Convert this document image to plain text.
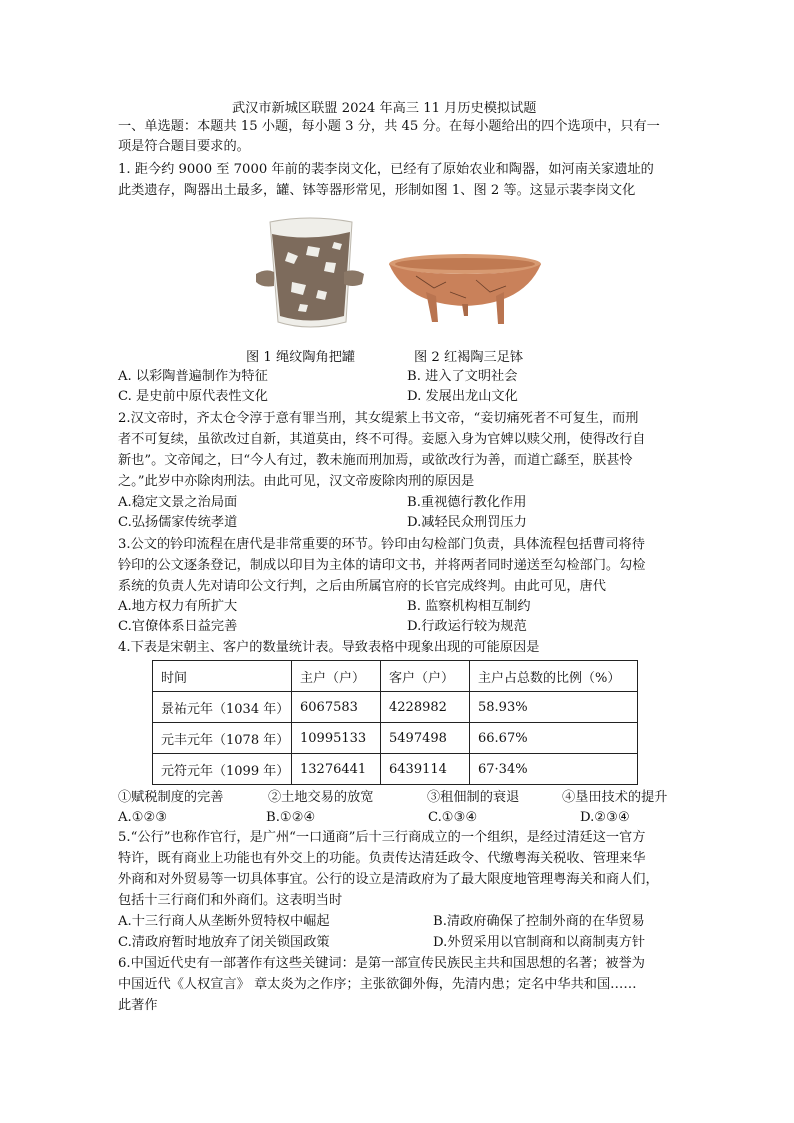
武汉市新城区联盟 2024 年高三 11 月历史模拟试题
一、单选题：本题共 15 小题，每小题 3 分，共 45 分。在每小题给出的四个选项中，只有一
项是符合题目要求的。
1. 距今约 9000 至 7000 年前的裴李岗文化，已经有了原始农业和陶器，如河南关家遗址的
此类遗存，陶器出土最多，罐、钵等器形常见，形制如图 1、图 2 等。这显示裴李岗文化
图 1 绳纹陶角把罐	图 2 红褐陶三足钵
A. 以彩陶普遍制作为特征	B. 进入了文明社会
C. 是史前中原代表性文化	D. 发展出龙山文化
2.汉文帝时，齐太仓令淳于意有罪当刑，其女缇萦上书文帝，“妾切痛死者不可复生，而刑
者不可复续，虽欲改过自新，其道莫由，终不可得。妾愿入身为官婢以赎父刑，使得改行自
新也”。文帝闻之，曰“今人有过，教未施而刑加焉，或欲改行为善，而道亡繇至，朕甚怜
之。”此岁中亦除肉刑法。由此可见，汉文帝废除肉刑的原因是
A.稳定文景之治局面	B.重视德行教化作用
C.弘扬儒家传统孝道	D.减轻民众刑罚压力
3.公文的钤印流程在唐代是非常重要的环节。钤印由勾检部门负责，具体流程包括曹司将待
钤印的公文逐条登记，制成以印目为主体的请印文书，并将两者同时递送至勾检部门。勾检
系统的负责人先对请印公文行判，之后由所属官府的长官完成终判。由此可见，唐代
A.地方权力有所扩大	B. 监察机构相互制约
C.官僚体系日益完善	D.行政运行较为规范
4.下表是宋朝主、客户的数量统计表。导致表格中现象出现的可能原因是
时间	主户（户）	客户（户）	主户占总数的比例（%）
景祐元年（1034 年）	6067583	4228982	58.93%
元丰元年（1078 年）	10995133	5497498	66.67%
元符元年（1099 年）	13276441	6439114	67·34%
①赋税制度的完善	②土地交易的放宽	③租佃制的衰退	④垦田技术的提升
A.①②③	B.①②④	C.①③④	D.②③④
5.“公行”也称作官行，是广州“一口通商”后十三行商成立的一个组织，是经过清廷这一官方
特许，既有商业上功能也有外交上的功能。负责传达清廷政令、代缴粤海关税收、管理来华
外商和对外贸易等一切具体事宜。公行的设立是清政府为了最大限度地管理粤海关和商人们，
包括十三行商们和外商们。这表明当时
A.十三行商人从垄断外贸特权中崛起	B.清政府确保了控制外商的在华贸易
C.清政府暂时地放弃了闭关锁国政策	D.外贸采用以官制商和以商制夷方针
6.中国近代史有一部著作有这些关键词：是第一部宣传民族民主共和国思想的名著；被誉为
中国近代《人权宣言》 章太炎为之作序；主张欲御外侮，先清内患；定名中华共和国……
此著作
